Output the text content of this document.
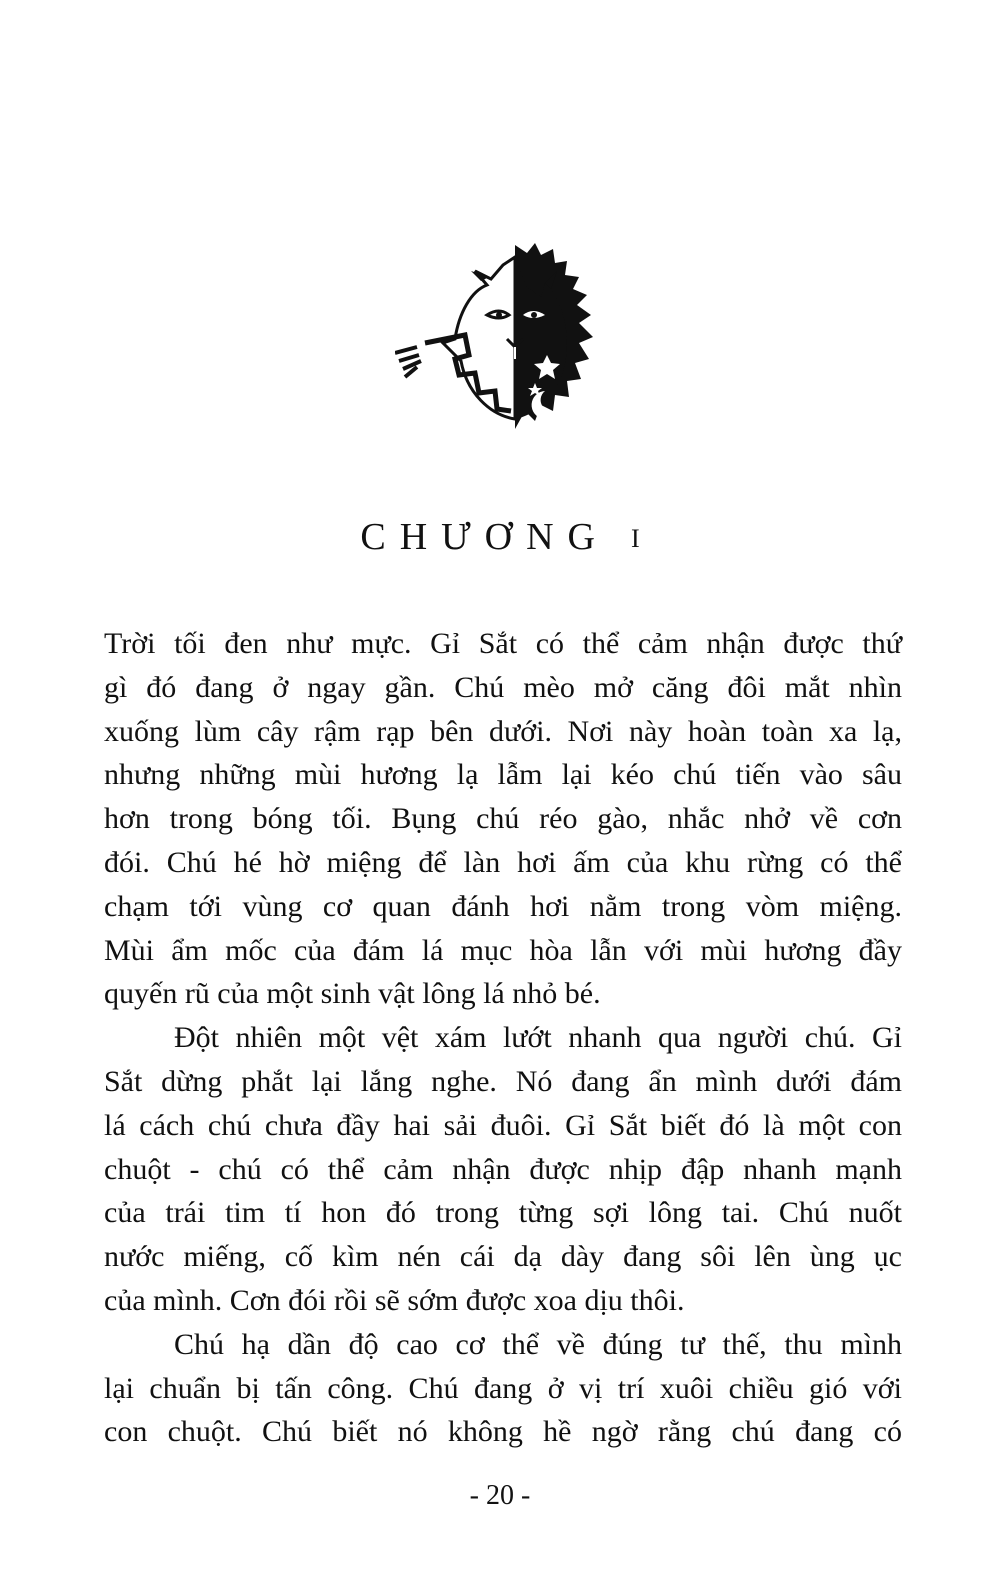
CHƯƠNG I
Trời tối đen như mực. Gỉ Sắt có thể cảm nhận được thứ
gì đó đang ở ngay gần. Chú mèo mở căng đôi mắt nhìn
xuống lùm cây rậm rạp bên dưới. Nơi này hoàn toàn xa lạ,
nhưng những mùi hương lạ lẫm lại kéo chú tiến vào sâu
hơn trong bóng tối. Bụng chú réo gào, nhắc nhở về cơn
đói. Chú hé hờ miệng để làn hơi ấm của khu rừng có thể
chạm tới vùng cơ quan đánh hơi nằm trong vòm miệng.
Mùi ẩm mốc của đám lá mục hòa lẫn với mùi hương đầy
quyến rũ của một sinh vật lông lá nhỏ bé.
Đột nhiên một vệt xám lướt nhanh qua người chú. Gỉ
Sắt dừng phắt lại lắng nghe. Nó đang ẩn mình dưới đám
lá cách chú chưa đầy hai sải đuôi. Gỉ Sắt biết đó là một con
chuột - chú có thể cảm nhận được nhịp đập nhanh mạnh
của trái tim tí hon đó trong từng sợi lông tai. Chú nuốt
nước miếng, cố kìm nén cái dạ dày đang sôi lên ùng ục
của mình. Cơn đói rồi sẽ sớm được xoa dịu thôi.
Chú hạ dần độ cao cơ thể về đúng tư thế, thu mình
lại chuẩn bị tấn công. Chú đang ở vị trí xuôi chiều gió với
con chuột. Chú biết nó không hề ngờ rằng chú đang có
- 20 -
